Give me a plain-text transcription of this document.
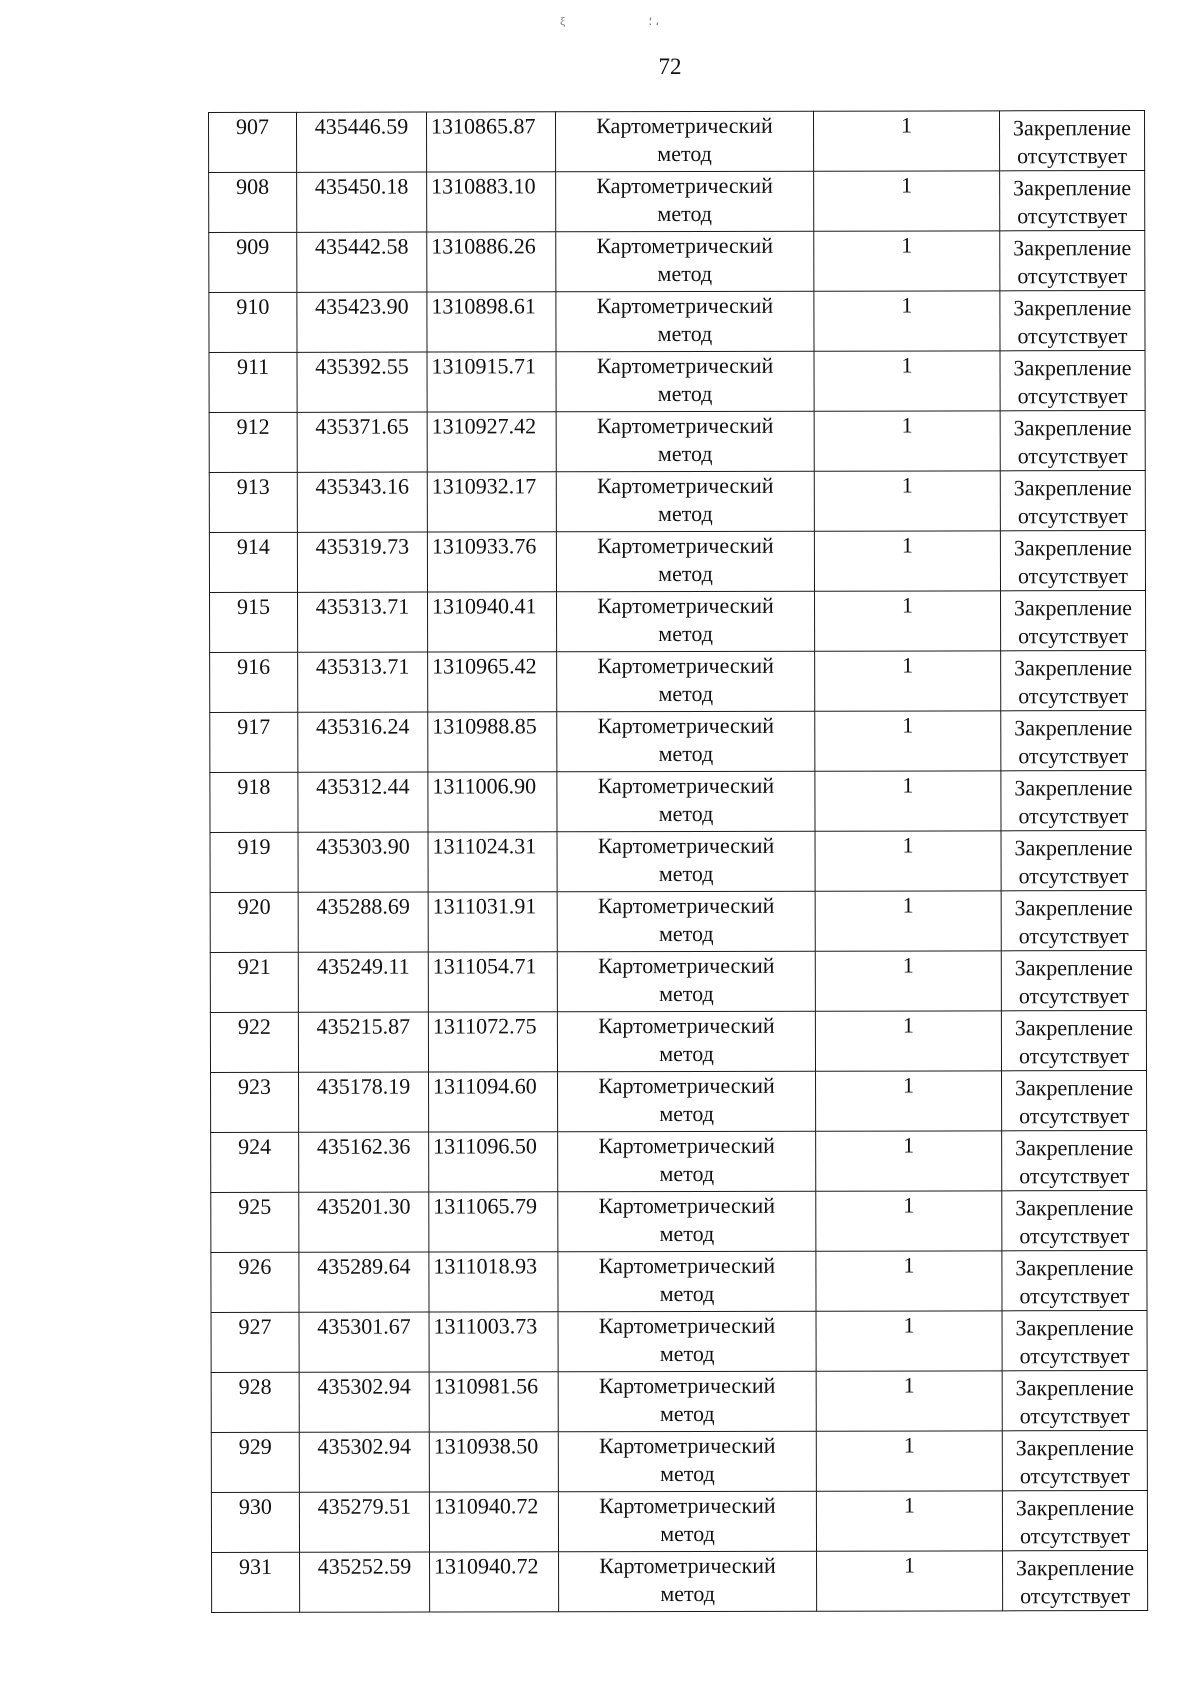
ξ ؛ ،
72
907	435446.59	1310865.87	Картометрический
метод	1	Закрепление
отсутствует

908	435450.18	1310883.10	Картометрический
метод	1	Закрепление
отсутствует

909	435442.58	1310886.26	Картометрический
метод	1	Закрепление
отсутствует

910	435423.90	1310898.61	Картометрический
метод	1	Закрепление
отсутствует

911	435392.55	1310915.71	Картометрический
метод	1	Закрепление
отсутствует

912	435371.65	1310927.42	Картометрический
метод	1	Закрепление
отсутствует

913	435343.16	1310932.17	Картометрический
метод	1	Закрепление
отсутствует

914	435319.73	1310933.76	Картометрический
метод	1	Закрепление
отсутствует

915	435313.71	1310940.41	Картометрический
метод	1	Закрепление
отсутствует

916	435313.71	1310965.42	Картометрический
метод	1	Закрепление
отсутствует

917	435316.24	1310988.85	Картометрический
метод	1	Закрепление
отсутствует

918	435312.44	1311006.90	Картометрический
метод	1	Закрепление
отсутствует

919	435303.90	1311024.31	Картометрический
метод	1	Закрепление
отсутствует

920	435288.69	1311031.91	Картометрический
метод	1	Закрепление
отсутствует

921	435249.11	1311054.71	Картометрический
метод	1	Закрепление
отсутствует

922	435215.87	1311072.75	Картометрический
метод	1	Закрепление
отсутствует

923	435178.19	1311094.60	Картометрический
метод	1	Закрепление
отсутствует

924	435162.36	1311096.50	Картометрический
метод	1	Закрепление
отсутствует

925	435201.30	1311065.79	Картометрический
метод	1	Закрепление
отсутствует

926	435289.64	1311018.93	Картометрический
метод	1	Закрепление
отсутствует

927	435301.67	1311003.73	Картометрический
метод	1	Закрепление
отсутствует

928	435302.94	1310981.56	Картометрический
метод	1	Закрепление
отсутствует

929	435302.94	1310938.50	Картометрический
метод	1	Закрепление
отсутствует

930	435279.51	1310940.72	Картометрический
метод	1	Закрепление
отсутствует

931	435252.59	1310940.72	Картометрический
метод	1	Закрепление
отсутствует
